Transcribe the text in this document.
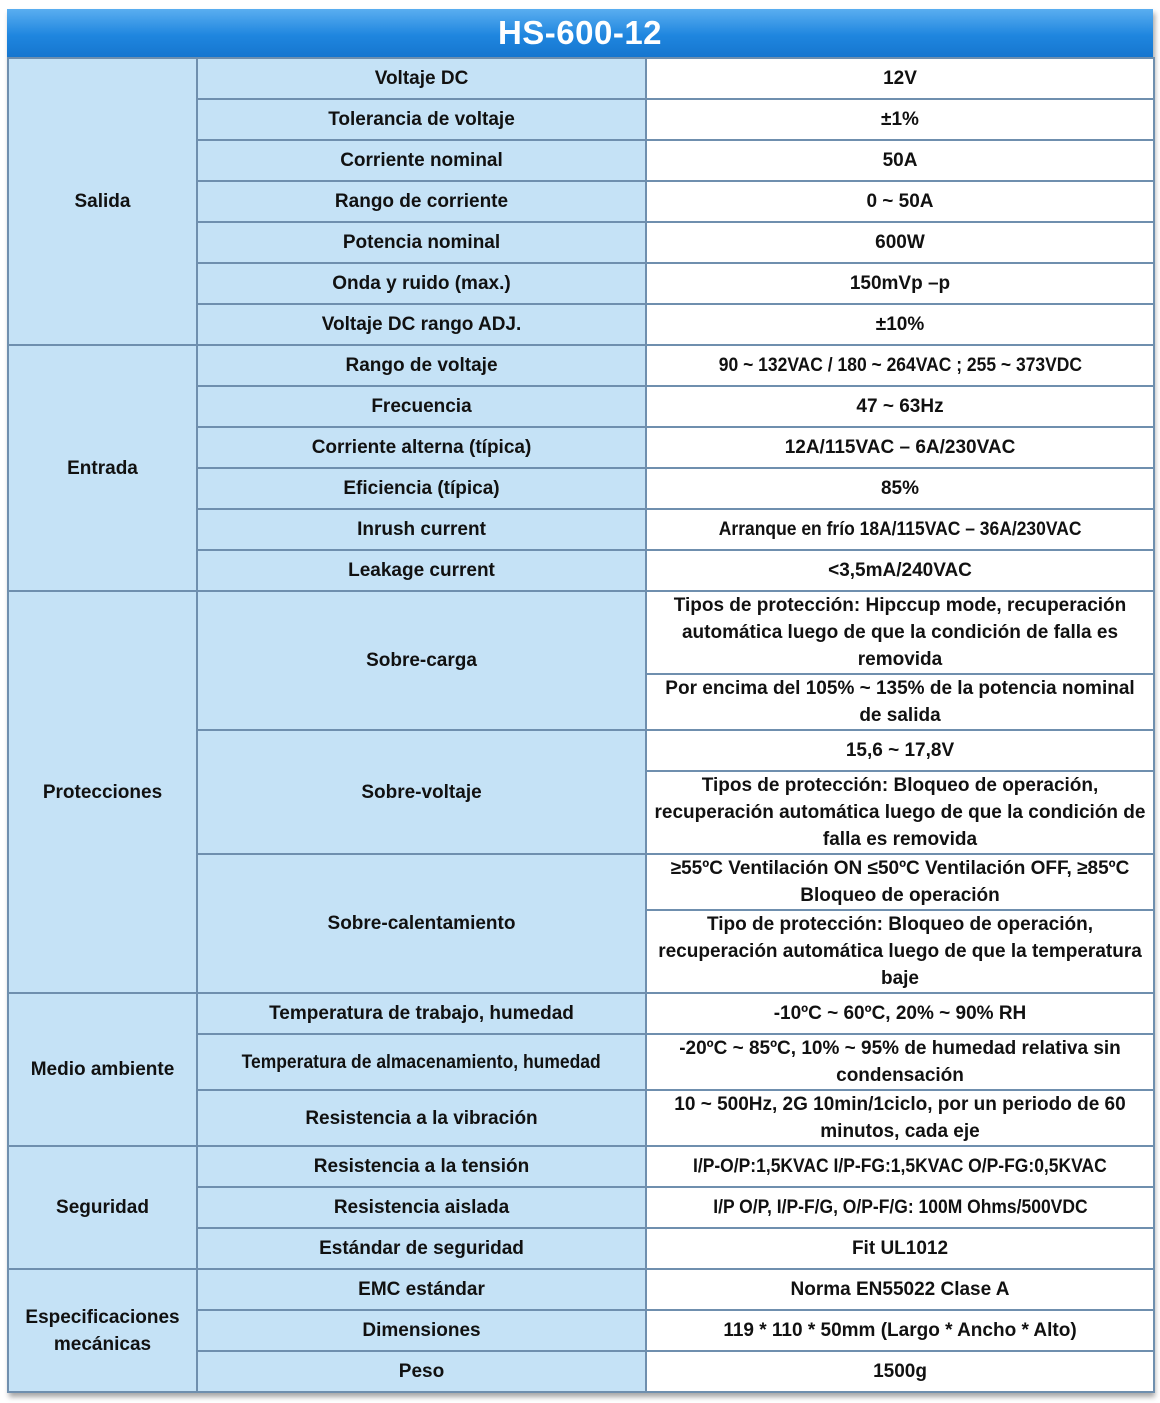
HS-600-12
Salida	Voltaje DC	12V
	Tolerancia de voltaje	±1%
	Corriente nominal	50A
	Rango de corriente	0 ~ 50A
	Potencia nominal	600W
	Onda y ruido (max.)	150mVp –p
	Voltaje DC rango ADJ.	±10%
Entrada	Rango de voltaje	90 ~ 132VAC / 180 ~ 264VAC ; 255 ~ 373VDC
	Frecuencia	47 ~ 63Hz
	Corriente alterna (típica)	12A/115VAC – 6A/230VAC
	Eficiencia (típica)	85%
	Inrush current	Arranque en frío 18A/115VAC – 36A/230VAC
	Leakage current	<3,5mA/240VAC
Protecciones	Sobre-carga	Tipos de protección: Hipccup mode, recuperación automática luego de que la condición de falla es removida
		Por encima del 105% ~ 135% de la potencia nominal de salida
	Sobre-voltaje	15,6 ~ 17,8V
		Tipos de protección: Bloqueo de operación, recuperación automática luego de que la condición de falla es removida
	Sobre-calentamiento	≥55ºC Ventilación ON ≤50ºC Ventilación OFF, ≥85ºC Bloqueo de operación
		Tipo de protección: Bloqueo de operación, recuperación automática luego de que la temperatura baje
Medio ambiente	Temperatura de trabajo, humedad	-10ºC ~ 60ºC, 20% ~ 90% RH
	Temperatura de almacenamiento, humedad	-20ºC ~ 85ºC, 10% ~ 95% de humedad relativa sin condensación
	Resistencia a la vibración	10 ~ 500Hz, 2G 10min/1ciclo, por un periodo de 60 minutos, cada eje
Seguridad	Resistencia a la tensión	I/P-O/P:1,5KVAC I/P-FG:1,5KVAC O/P-FG:0,5KVAC
	Resistencia aislada	I/P O/P, I/P-F/G, O/P-F/G: 100M Ohms/500VDC
	Estándar de seguridad	Fit UL1012
Especificaciones mecánicas	EMC estándar	Norma EN55022 Clase A
	Dimensiones	119 * 110 * 50mm (Largo * Ancho * Alto)
	Peso	1500g
